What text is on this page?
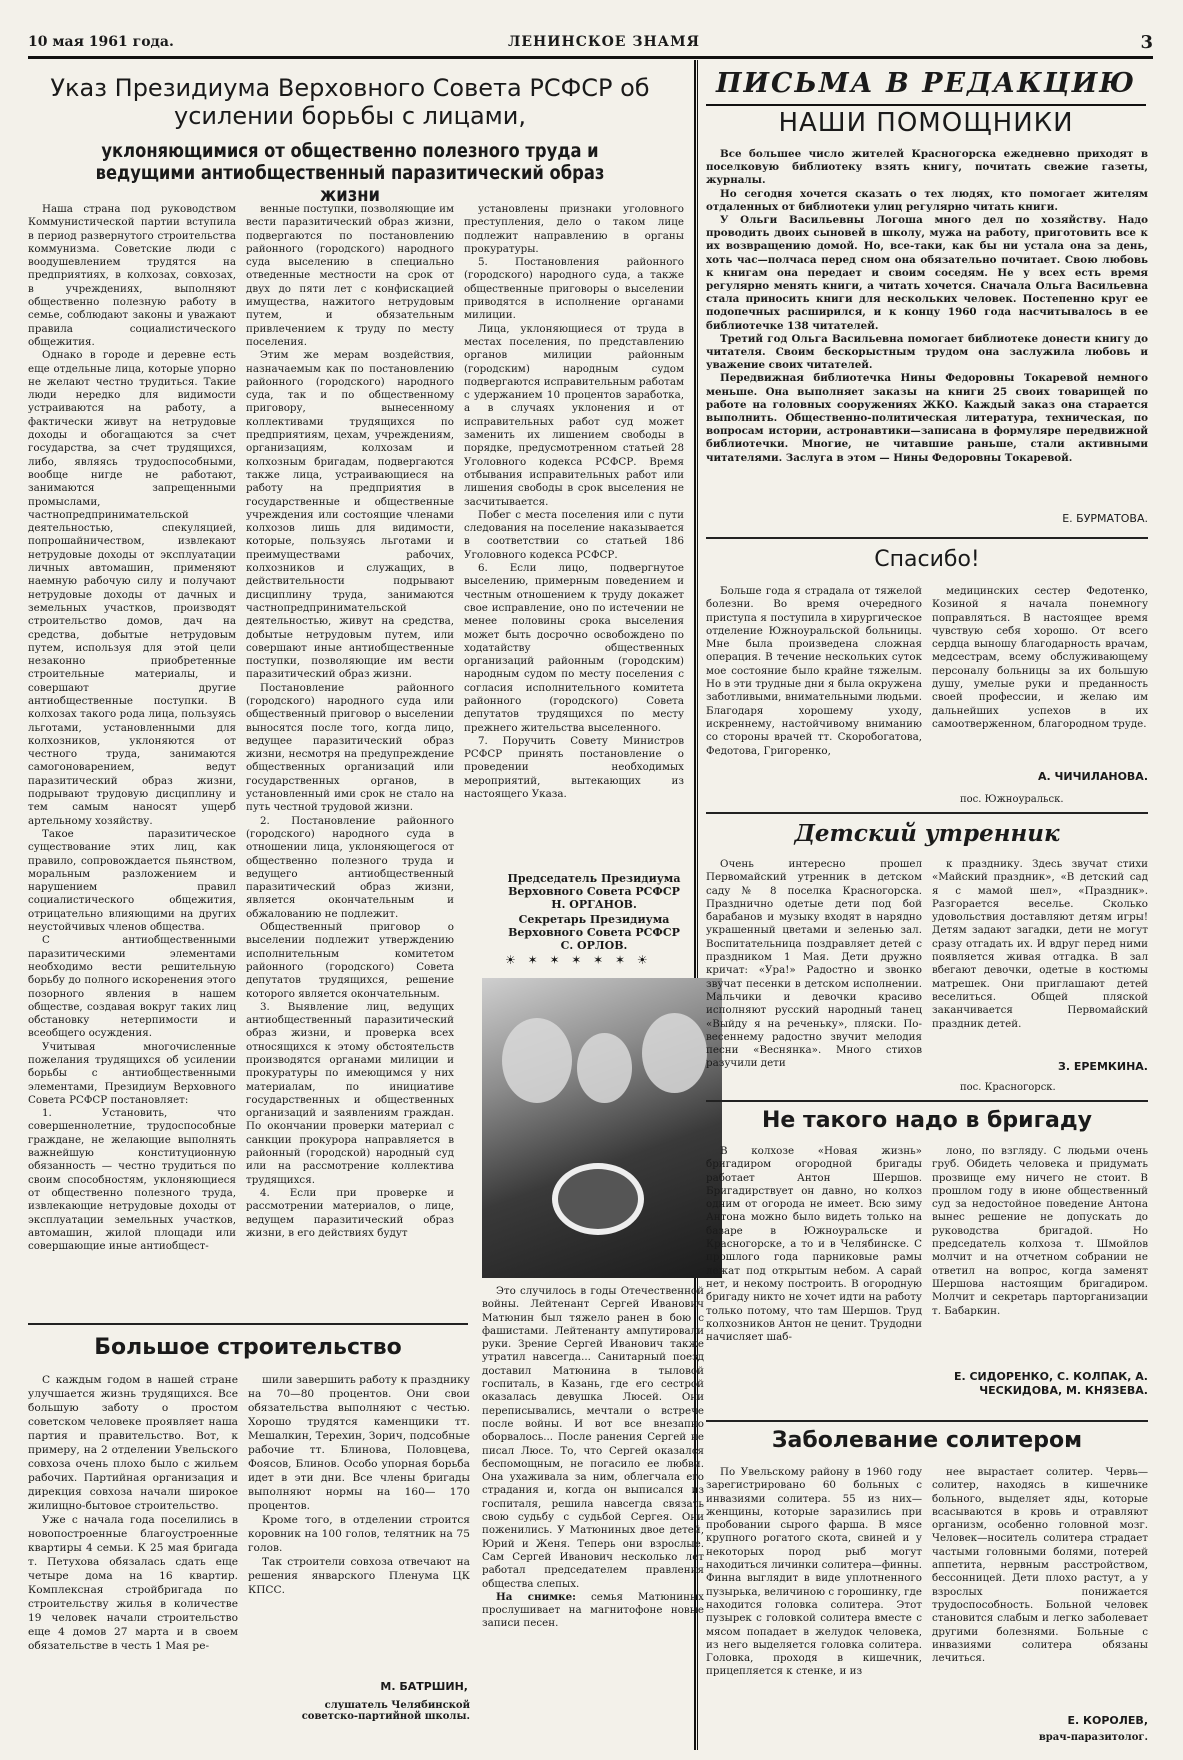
10 мая 1961 года.	ЛЕНИНСКОЕ ЗНАМЯ	3
Указ Президиума Верховного Совета РСФСР об усилении борьбы с лицами,
уклоняющимися от общественно полезного труда и ведущими антиобщественный паразитический образ жизни

Наша страна под руководством Коммунистической партии вступила в период развернутого строительства коммунизма. Советские люди с воодушевлением трудятся на предприятиях, в колхозах, совхозах, в учреждениях, выполняют общественно полезную работу в семье, соблюдают законы и уважают правила социалистического общежития.

Однако в городе и деревне есть еще отдельные лица, которые упорно не желают честно трудиться. Такие люди нередко для видимости устраиваются на работу, а фактически живут на нетрудовые доходы и обогащаются за счет государства, за счет трудящихся, либо, являясь трудоспособными, вообще нигде не работают, занимаются запрещенными промыслами, частнопредпринимательской деятельностью, спекуляцией, попрошайничеством, извлекают нетрудовые доходы от эксплуатации личных автомашин, применяют наемную рабочую силу и получают нетрудовые доходы от дачных и земельных участков, производят строительство домов, дач на средства, добытые нетрудовым путем, используя для этой цели незаконно приобретенные строительные материалы, и совершают другие антиобщественные поступки. В колхозах такого рода лица, пользуясь льготами, установленными для колхозников, уклоняются от честного труда, занимаются самогоноварением, ведут паразитический образ жизни, подрывают трудовую дисциплину и тем самым наносят ущерб артельному хозяйству.

Такое паразитическое существование этих лиц, как правило, сопровождается пьянством, моральным разложением и нарушением правил социалистического общежития, отрицательно влияющими на других неустойчивых членов общества.

С антиобщественными паразитическими элементами необходимо вести решительную борьбу до полного искоренения этого позорного явления в нашем обществе, создавая вокруг таких лиц обстановку нетерпимости и всеобщего осуждения.

Учитывая многочисленные пожелания трудящихся об усилении борьбы с антиобщественными элементами, Президиум Верховного Совета РСФСР постановляет:

1. Установить, что совершеннолетние, трудоспособные граждане, не желающие выполнять важнейшую конституционную обязанность — честно трудиться по своим способностям, уклоняющиеся от общественно полезного труда, извлекающие нетрудовые доходы от эксплуатации земельных участков, автомашин, жилой площади или совершающие иные антиобщест-

венные поступки, позволяющие им вести паразитический образ жизни, подвергаются по постановлению районного (городского) народного суда выселению в специально отведенные местности на срок от двух до пяти лет с конфискацией имущества, нажитого нетрудовым путем, и обязательным привлечением к труду по месту поселения.

Этим же мерам воздействия, назначаемым как по постановлению районного (городского) народного суда, так и по общественному приговору, вынесенному коллективами трудящихся по предприятиям, цехам, учреждениям, организациям, колхозам и колхозным бригадам, подвергаются также лица, устраивающиеся на работу на предприятия в государственные и общественные учреждения или состоящие членами колхозов лишь для видимости, которые, пользуясь льготами и преимуществами рабочих, колхозников и служащих, в действительности подрывают дисциплину труда, занимаются частнопредпринимательской деятельностью, живут на средства, добытые нетрудовым путем, или совершают иные антиобщественные поступки, позволяющие им вести паразитический образ жизни.

Постановление районного (городского) народного суда или общественный приговор о выселении выносятся после того, когда лицо, ведущее паразитический образ жизни, несмотря на предупреждение общественных организаций или государственных органов, в установленный ими срок не стало на путь честной трудовой жизни.

2. Постановление районного (городского) народного суда в отношении лица, уклоняющегося от общественно полезного труда и ведущего антиобщественный паразитический образ жизни, является окончательным и обжалованию не подлежит.

Общественный приговор о выселении подлежит утверждению исполнительным комитетом районного (городского) Совета депутатов трудящихся, решение которого является окончательным.

3. Выявление лиц, ведущих антиобщественный паразитический образ жизни, и проверка всех относящихся к этому обстоятельств производятся органами милиции и прокуратуры по имеющимся у них материалам, по инициативе государственных и общественных организаций и заявлениям граждан. По окончании проверки материал с санкции прокурора направляется в районный (городской) народный суд или на рассмотрение коллектива трудящихся.

4. Если при проверке и рассмотрении материалов, о лице, ведущем паразитический образ жизни, в его действиях будут

установлены признаки уголовного преступления, дело о таком лице подлежит направлению в органы прокуратуры.

5. Постановления районного (городского) народного суда, а также общественные приговоры о выселении приводятся в исполнение органами милиции.

Лица, уклоняющиеся от труда в местах поселения, по представлению органов милиции районным (городским) народным судом подвергаются исправительным работам с удержанием 10 процентов заработка, а в случаях уклонения и от исправительных работ суд может заменить их лишением свободы в порядке, предусмотренном статьей 28 Уголовного кодекса РСФСР. Время отбывания исправительных работ или лишения свободы в срок выселения не засчитывается.

Побег с места поселения или с пути следования на поселение наказывается в соответствии со статьей 186 Уголовного кодекса РСФСР.

6. Если лицо, подвергнутое выселению, примерным поведением и честным отношением к труду докажет свое исправление, оно по истечении не менее половины срока выселения может быть досрочно освобождено по ходатайству общественных организаций районным (городским) народным судом по месту поселения с согласия исполнительного комитета районного (городского) Совета депутатов трудящихся по месту прежнего жительства выселенного.

7. Поручить Совету Министров РСФСР принять постановление о проведении необходимых мероприятий, вытекающих из настоящего Указа.

Председатель Президиума Верховного Совета РСФСР Н. ОРГАНОВ.
Секретарь Президиума Верховного Совета РСФСР С. ОРЛОВ.
☀ ✶ ✶ ✶ ✶ ✶ ☀

Это случилось в годы Отечественной войны. Лейтенант Сергей Иванович Матюнин был тяжело ранен в бою с фашистами. Лейтенанту ампутировали руки. Зрение Сергей Иванович также утратил навсегда... Санитарный поезд доставил Матюнина в тыловой госпиталь, в Казань, где его сестрой оказалась девушка Люсей. Они переписывались, мечтали о встрече после войны. И вот все внезапно оборвалось... После ранения Сергей не писал Люсе. То, что Сергей оказался беспомощным, не погасило ее любви. Она ухаживала за ним, облегчала его страдания и, когда он выписался из госпиталя, решила навсегда связать свою судьбу с судьбой Сергея. Они поженились. У Матюниных двое детей, Юрий и Женя. Теперь они взрослые. Сам Сергей Иванович несколько лет работал председателем правления общества слепых.

На снимке: семья Матюниных прослушивает на магнитофоне новые записи песен.

Большое строительство

С каждым годом в нашей стране улучшается жизнь трудящихся. Все большую заботу о простом советском человеке проявляет наша партия и правительство. Вот, к примеру, на 2 отделении Увельского совхоза очень плохо было с жильем рабочих. Партийная организация и дирекция совхоза начали широкое жилищно-бытовое строительство.

Уже с начала года поселились в новопостроенные благоустроенные квартиры 4 семьи. К 25 мая бригада т. Петухова обязалась сдать еще четыре дома на 16 квартир. Комплексная стройбригада по строительству жилья в количестве 19 человек начали строительство еще 4 домов 27 марта и в своем обязательстве в честь 1 Мая ре-

шили завершить работу к празднику на 70—80 процентов. Они свои обязательства выполняют с честью. Хорошо трудятся каменщики тт. Мешалкин, Терехин, Зорич, подсобные рабочие тт. Блинова, Половцева, Фоясов, Блинов. Особо упорная борьба идет в эти дни. Все члены бригады выполняют нормы на 160— 170 процентов.

Кроме того, в отделении строится коровник на 100 голов, телятник на 75 голов.

Так строители совхоза отвечают на решения январского Пленума ЦК КПСС.

М. БАТРШИН,
слушатель Челябинской советско-партийной школы.
ПИСЬМА В РЕДАКЦИЮ
НАШИ ПОМОЩНИКИ

Все большее число жителей Красногорска ежедневно приходят в поселковую библиотеку взять книгу, почитать свежие газеты, журналы.

Но сегодня хочется сказать о тех людях, кто помогает жителям отдаленных от библиотеки улиц регулярно читать книги.

У Ольги Васильевны Логоша много дел по хозяйству. Надо проводить двоих сыновей в школу, мужа на работу, приготовить все к их возвращению домой. Но, все-таки, как бы ни устала она за день, хоть час—полчаса перед сном она обязательно почитает. Свою любовь к книгам она передает и своим соседям. Не у всех есть время регулярно менять книги, а читать хочется. Сначала Ольга Васильевна стала приносить книги для нескольких человек. Постепенно круг ее подопечных расширился, и к концу 1960 года насчитывалось в ее библиотечке 138 читателей.

Третий год Ольга Васильевна помогает библиотеке донести книгу до читателя. Своим бескорыстным трудом она заслужила любовь и уважение своих читателей.

Передвижная библиотечка Нины Федоровны Токаревой немного меньше. Она выполняет заказы на книги 25 своих товарищей по работе на головных сооружениях ЖКО. Каждый заказ она старается выполнить. Общественно-политическая литература, техническая, по вопросам истории, астронавтики—записана в формуляре передвижной библиотечки. Многие, не читавшие раньше, стали активными читателями. Заслуга в этом — Нины Федоровны Токаревой.

Е. БУРМАТОВА.
Спасибо!

Больше года я страдала от тяжелой болезни. Во время очередного приступа я поступила в хирургическое отделение Южноуральской больницы. Мне была произведена сложная операция. В течение нескольких суток мое состояние было крайне тяжелым. Но в эти трудные дни я была окружена заботливыми, внимательными людьми. Благодаря хорошему уходу, искреннему, настойчивому вниманию со стороны врачей тт. Скоробогатова, Федотова, Григоренко,

медицинских сестер Федотенко, Козиной я начала понемногу поправляться. В настоящее время чувствую себя хорошо. От всего сердца выношу благодарность врачам, медсестрам, всему обслуживающему персоналу больницы за их большую душу, умелые руки и преданность своей профессии, и желаю им дальнейших успехов в их самоотверженном, благородном труде.

А. ЧИЧИЛАНОВА.
пос. Южноуральск.
Детский утренник

Очень интересно прошел Первомайский утренник в детском саду № 8 поселка Красногорска. Празднично одетые дети под бой барабанов и музыку входят в нарядно украшенный цветами и зеленью зал. Воспитательница поздравляет детей с праздником 1 Мая. Дети дружно кричат: «Ура!» Радостно и звонко звучат песенки в детском исполнении. Мальчики и девочки красиво исполняют русский народный танец «Выйду я на реченьку», пляски. По-весеннему радостно звучит мелодия песни «Веснянка». Много стихов разучили дети

к празднику. Здесь звучат стихи «Майский праздник», «В детский сад я с мамой шел», «Праздник». Разгорается веселье. Сколько удовольствия доставляют детям игры! Детям задают загадки, дети не могут сразу отгадать их. И вдруг перед ними появляется живая отгадка. В зал вбегают девочки, одетые в костюмы матрешек. Они приглашают детей веселиться. Общей пляской заканчивается Первомайский праздник детей.

З. ЕРЕМКИНА.
пос. Красногорск.
Не такого надо в бригаду

В колхозе «Новая жизнь» бригадиром огородной бригады работает Антон Шершов. Бригадирствует он давно, но колхоз одним от огорода не имеет. Всю зиму Антона можно было видеть только на базаре в Южноуральске и Красногорске, а то и в Челябинске. С прошлого года парниковые рамы лежат под открытым небом. А сарай нет, и некому построить. В огородную бригаду никто не хочет идти на работу только потому, что там Шершов. Труд колхозников Антон не ценит. Трудодни начисляет шаб-

лоно, по взгляду. С людьми очень груб. Обидеть человека и придумать прозвище ему ничего не стоит. В прошлом году в июне общественный суд за недостойное поведение Антона вынес решение не допускать до руководства бригадой. Но председатель колхоза т. Шмойлов молчит и на отчетном собрании не ответил на вопрос, когда заменят Шершова настоящим бригадиром. Молчит и секретарь парторганизации т. Бабаркин.

Е. СИДОРЕНКО, С. КОЛПАК, А. ЧЕСКИДОВА, М. КНЯЗЕВА.
Заболевание солитером

По Увельскому району в 1960 году зарегистрировано 60 больных с инвазиями солитера. 55 из них—женщины, которые заразились при пробовании сырого фарша. В мясе крупного рогатого скота, свиней и у некоторых пород рыб могут находиться личинки солитера—финны. Финна выглядит в виде уплотненного пузырька, величиною с горошинку, где находится головка солитера. Этот пузырек с головкой солитера вместе с мясом попадает в желудок человека, из него выделяется головка солитера. Головка, проходя в кишечник, прицепляется к стенке, и из

нее вырастает солитер. Червь—солитер, находясь в кишечнике больного, выделяет яды, которые всасываются в кровь и отравляют организм, особенно головной мозг. Человек—носитель солитера страдает частыми головными болями, потерей аппетита, нервным расстройством, бессонницей. Дети плохо растут, а у взрослых понижается трудоспособность. Больной человек становится слабым и легко заболевает другими болезнями. Больные с инвазиями солитера обязаны лечиться.

Е. КОРОЛЕВ,
врач-паразитолог.
